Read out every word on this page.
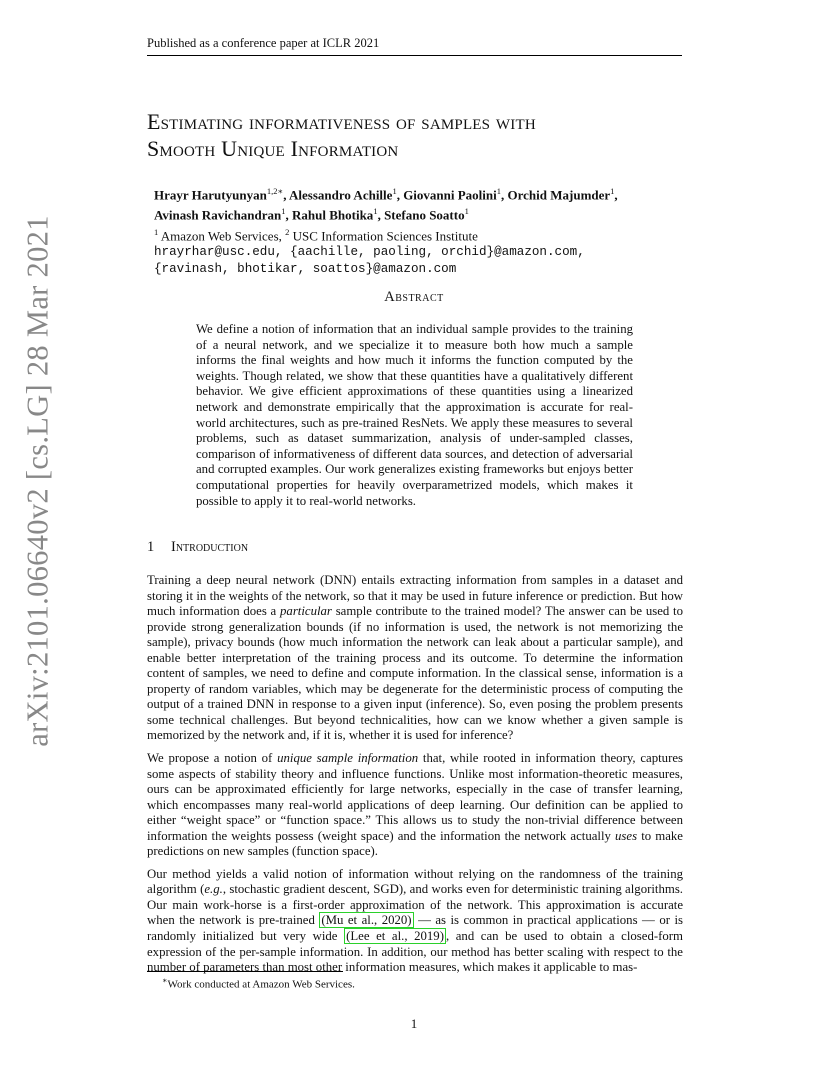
Published as a conference paper at ICLR 2021
arXiv:2101.06640v2 [cs.LG] 28 Mar 2021
Estimating informativeness of samples with
Smooth Unique Information
Hrayr Harutyunyan$^{1,2∗}$, Alessandro Achille$^1$, Giovanni Paolini$^1$, Orchid Majumder$^1$,
Avinash Ravichandran$^1$, Rahul Bhotika$^1$, Stefano Soatto$^1$
$^1$ Amazon Web Services, $^2$ USC Information Sciences Institute
hrayrhar@usc.edu, {aachille, paoling, orchid}@amazon.com,
{ravinash, bhotikar, soattos}@amazon.com
Abstract
We define a notion of information that an individual sample provides to the training of a neural network, and we specialize it to measure both how much a sample informs the final weights and how much it informs the function computed by the weights. Though related, we show that these quantities have a qualitatively different behavior. We give efficient approximations of these quantities using a linearized network and demonstrate empirically that the approximation is accurate for real-world architectures, such as pre-trained ResNets. We apply these measures to several problems, such as dataset summarization, analysis of under-sampled classes, comparison of informativeness of different data sources, and detection of adversarial and corrupted examples. Our work generalizes existing frameworks but enjoys better computational properties for heavily overparametrized models, which makes it possible to apply it to real-world networks.
1 Introduction

Training a deep neural network (DNN) entails extracting information from samples in a dataset and storing it in the weights of the network, so that it may be used in future inference or prediction. But how much information does a particular sample contribute to the trained model? The answer can be used to provide strong generalization bounds (if no information is used, the network is not memorizing the sample), privacy bounds (how much information the network can leak about a particular sample), and enable better interpretation of the training process and its outcome. To determine the information content of samples, we need to define and compute information. In the classical sense, information is a property of random variables, which may be degenerate for the deterministic process of computing the output of a trained DNN in response to a given input (inference). So, even posing the problem presents some technical challenges. But beyond technicalities, how can we know whether a given sample is memorized by the network and, if it is, whether it is used for inference?

We propose a notion of unique sample information that, while rooted in information theory, captures some aspects of stability theory and influence functions. Unlike most information-theoretic measures, ours can be approximated efficiently for large networks, especially in the case of transfer learning, which encompasses many real-world applications of deep learning. Our definition can be applied to either “weight space” or “function space.” This allows us to study the non-trivial difference between information the weights possess (weight space) and the information the network actually uses to make predictions on new samples (function space).

Our method yields a valid notion of information without relying on the randomness of the training algorithm (e.g., stochastic gradient descent, SGD), and works even for deterministic training algorithms. Our main work-horse is a first-order approximation of the network. This approximation is accurate when the network is pre-trained (Mu et al., 2020) — as is common in practical applications — or is randomly initialized but very wide (Lee et al., 2019) , and can be used to obtain a closed-form expression of the per-sample information. In addition, our method has better scaling with respect to the number of parameters than most other information measures, which makes it applicable to mas-

∗Work conducted at Amazon Web Services.
1
